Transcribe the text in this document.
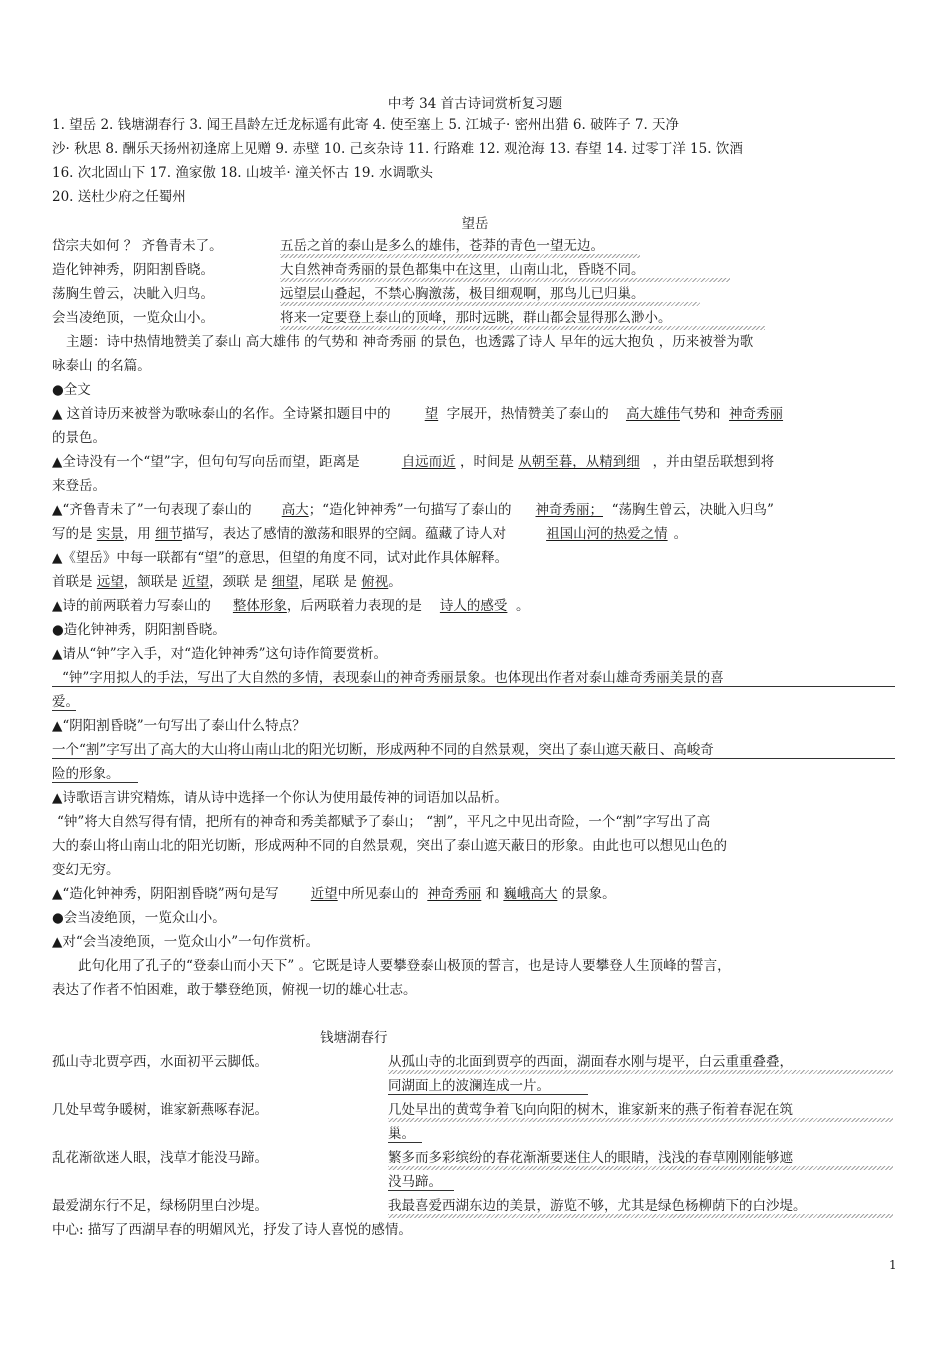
中考 34 首古诗词赏析复习题
1. 望岳 2. 钱塘湖春行 3. 闻王昌龄左迁龙标遥有此寄 4. 使至塞上 5. 江城子· 密州出猎 6. 破阵子 7. 天净
沙· 秋思 8. 酬乐天扬州初逢席上见赠 9. 赤壁 10. 己亥杂诗 11. 行路难 12. 观沧海 13. 春望 14. 过零丁洋 15. 饮酒
16. 次北固山下 17. 渔家傲 18. 山坡羊· 潼关怀古 19. 水调歌头
20. 送杜少府之任蜀州
望岳
岱宗夫如何 ？ 齐鲁青未了。	五岳之首的泰山是多么的雄伟，苍莽的青色一望无边。
造化钟神秀，阴阳割昏晓。	大自然神奇秀丽的景色都集中在这里，山南山北，昏晓不同。
荡胸生曾云，决眦入归鸟。	远望层山叠起，不禁心胸激荡，极目细观啊，那鸟儿已归巢。
会当凌绝顶，一览众山小。	将来一定要登上泰山的顶峰，那时远眺，群山都会显得那么渺小。
主题：诗中热情地赞美了泰山 高大雄伟 的气势和 神奇秀丽 的景色，也透露了诗人 早年的远大抱负 ，历来被誉为歌
咏泰山 的名篇。
●全文
▲ 这首诗历来被誉为歌咏泰山的名作。全诗紧扣题目中的	望 字展开，热情赞美了泰山的 高大雄伟气势和 神奇秀丽
的景色。
▲全诗没有一个“望”字，但句句写向岳而望，距离是	自远而近 ，时间是 从朝至暮，从精到细 ，并由望岳联想到将
来登岳。
▲“齐鲁青未了”一句表现了泰山的 高大；“造化钟神秀”一句描写了泰山的 神奇秀丽； “荡胸生曾云，决眦入归鸟”
写的是 实景，用 细节描写，表达了感情的激荡和眼界的空阔。蕴藏了诗人对	祖国山河的热爱之情 。
▲《望岳》中每一联都有“望”的意思，但望的角度不同，试对此作具体解释。
首联是 远望，颔联是 近望，颈联 是 细望，尾联 是 俯视。
▲诗的前两联着力写泰山的 整体形象，后两联着力表现的是 诗人的感受 。
●造化钟神秀，阴阳割昏晓。
▲请从“钟”字入手，对“造化钟神秀”这句诗作简要赏析。
“钟”字用拟人的手法，写出了大自然的多情，表现泰山的神奇秀丽景象。也体现出作者对泰山雄奇秀丽美景的喜
爱。
▲“阴阳割昏晓”一句写出了泰山什么特点？
一个“割”字写出了高大的大山将山南山北的阳光切断，形成两种不同的自然景观，突出了泰山遮天蔽日、高峻奇
险的形象。
▲诗歌语言讲究精炼，请从诗中选择一个你认为使用最传神的词语加以品析。
“钟”将大自然写得有情，把所有的神奇和秀美都赋予了泰山； “割”，平凡之中见出奇险，一个“割”字写出了高
大的泰山将山南山北的阳光切断，形成两种不同的自然景观，突出了泰山遮天蔽日的形象。由此也可以想见山色的
变幻无穷。
▲“造化钟神秀，阴阳割昏晓”两句是写 近望中所见泰山的 神奇秀丽 和 巍峨高大 的景象。
●会当凌绝顶，一览众山小。
▲对“会当凌绝顶，一览众山小”一句作赏析。
此句化用了孔子的“登泰山而小天下” 。它既是诗人要攀登泰山极顶的誓言，也是诗人要攀登人生顶峰的誓言，
表达了作者不怕困难，敢于攀登绝顶，俯视一切的雄心壮志。
钱塘湖春行
孤山寺北贾亭西，水面初平云脚低。	从孤山寺的北面到贾亭的西面，湖面春水刚与堤平，白云重重叠叠，
同湖面上的波澜连成一片。
几处早莺争暖树，谁家新燕啄春泥。	几处早出的黄莺争着飞向向阳的树木，谁家新来的燕子衔着春泥在筑
巢。
乱花渐欲迷人眼，浅草才能没马蹄。	繁多而多彩缤纷的春花渐渐要迷住人的眼睛，浅浅的春草刚刚能够遮
没马蹄。
最爱湖东行不足，绿杨阴里白沙堤。	我最喜爱西湖东边的美景，游览不够，尤其是绿色杨柳荫下的白沙堤。
中心: 描写了西湖早春的明媚风光，抒发了诗人喜悦的感情。
1
